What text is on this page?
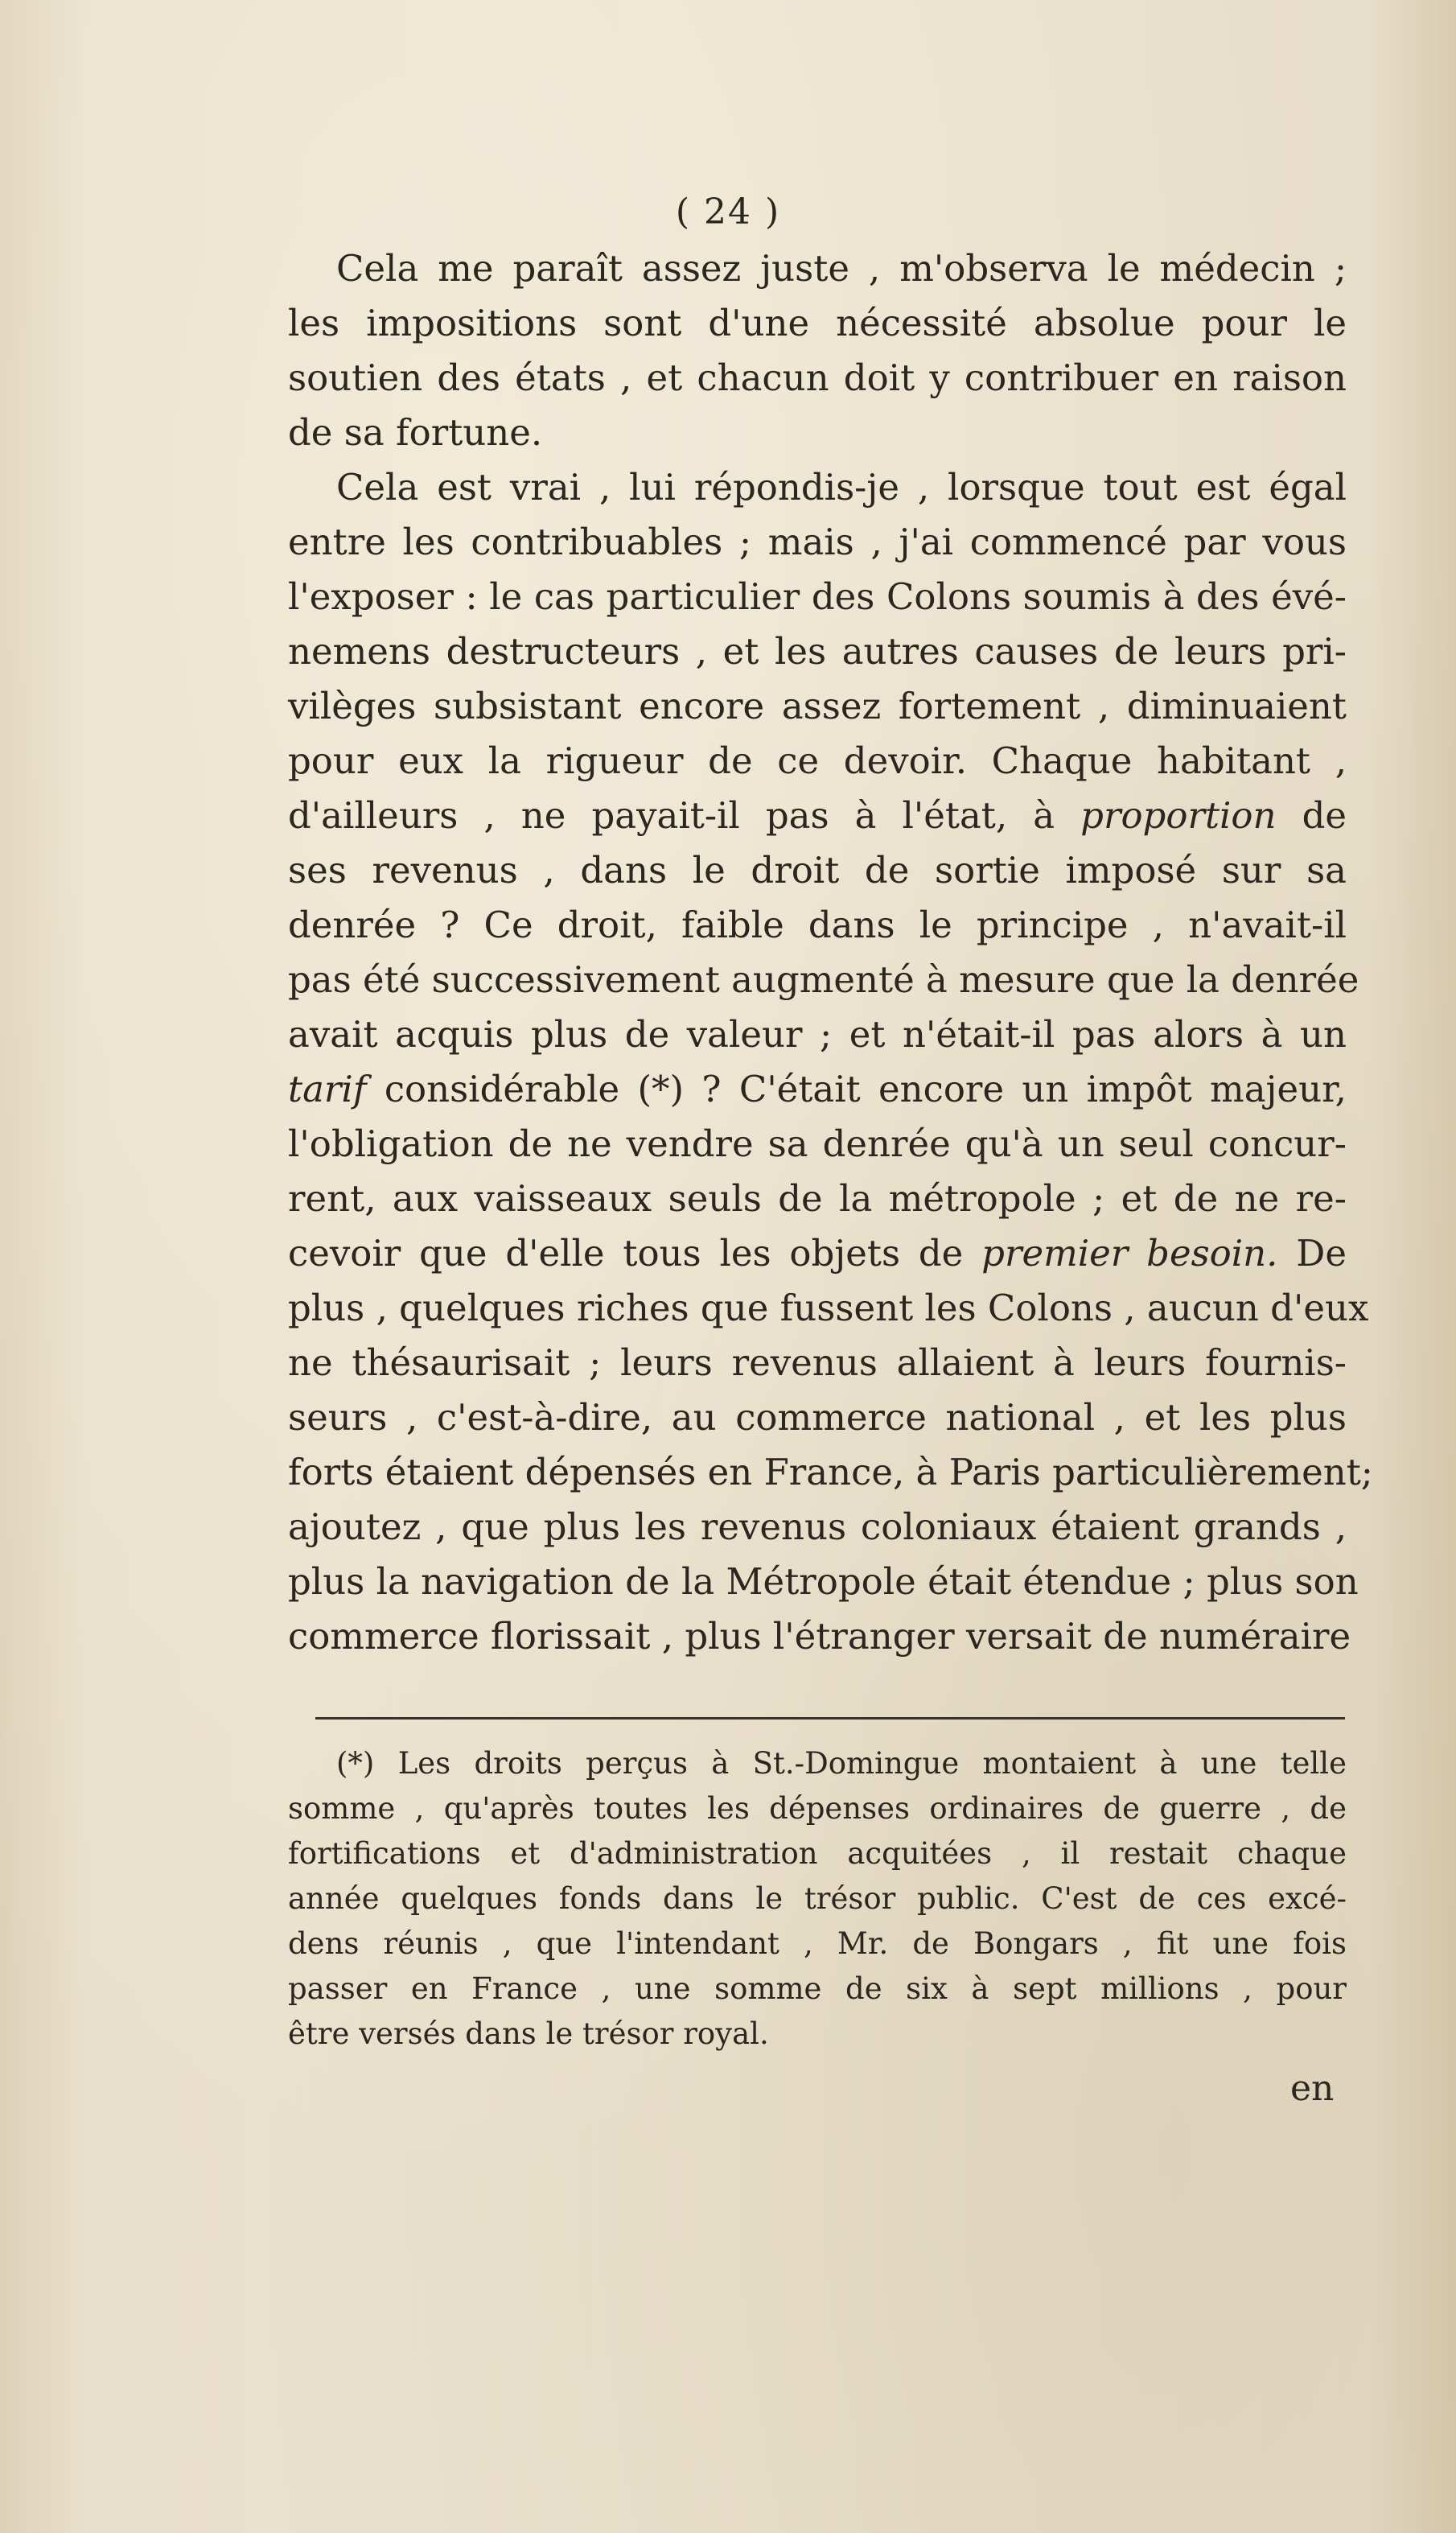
( 24 )
Cela me paraît assez juste , m'observa le médecin ;
les impositions sont d'une nécessité absolue pour le
soutien des états , et chacun doit y contribuer en raison
de sa fortune.
Cela est vrai , lui répondis-je , lorsque tout est égal
entre les contribuables ; mais , j'ai commencé par vous
l'exposer : le cas particulier des Colons soumis à des évé-
nemens destructeurs , et les autres causes de leurs pri-
vilèges subsistant encore assez fortement , diminuaient
pour eux la rigueur de ce devoir. Chaque habitant ,
d'ailleurs , ne payait-il pas à l'état, à proportion de
ses revenus , dans le droit de sortie imposé sur sa
denrée ? Ce droit, faible dans le principe , n'avait-il
pas été successivement augmenté à mesure que la denrée
avait acquis plus de valeur ; et n'était-il pas alors à un
tarif considérable (*) ? C'était encore un impôt majeur,
l'obligation de ne vendre sa denrée qu'à un seul concur-
rent, aux vaisseaux seuls de la métropole ; et de ne re-
cevoir que d'elle tous les objets de premier besoin. De
plus , quelques riches que fussent les Colons , aucun d'eux
ne thésaurisait ; leurs revenus allaient à leurs fournis-
seurs , c'est-à-dire, au commerce national , et les plus
forts étaient dépensés en France, à Paris particulièrement;
ajoutez , que plus les revenus coloniaux étaient grands ,
plus la navigation de la Métropole était étendue ; plus son
commerce florissait , plus l'étranger versait de numéraire
(*) Les droits perçus à St.-Domingue montaient à une telle
somme , qu'après toutes les dépenses ordinaires de guerre , de
fortifications et d'administration acquitées , il restait chaque
année quelques fonds dans le trésor public. C'est de ces excé-
dens réunis , que l'intendant , Mr. de Bongars , fit une fois
passer en France , une somme de six à sept millions , pour
être versés dans le trésor royal.
en
